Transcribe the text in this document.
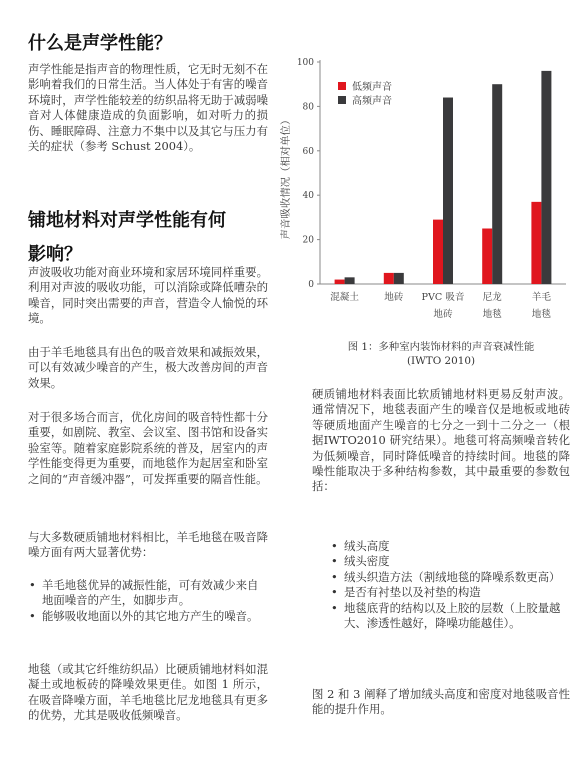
什么是声学性能？

声学性能是指声音的物理性质，它无时无刻不在影响着我们的日常生活。当人体处于有害的噪音环境时，声学性能较差的纺织品将无助于减弱噪音对人体健康造成的负面影响，如对听力的损伤、睡眠障碍、注意力不集中以及其它与压力有关的症状（参考 Schust 2004）。

铺地材料对声学性能有何
影响？

声波吸收功能对商业环境和家居环境同样重要。利用对声波的吸收功能，可以消除或降低嘈杂的噪音，同时突出需要的声音，营造令人愉悦的环境。

由于羊毛地毯具有出色的吸音效果和减振效果，可以有效减少噪音的产生，极大改善房间的声音效果。

对于很多场合而言，优化房间的吸音特性都十分重要，如剧院、教室、会议室、图书馆和设备实验室等。随着家庭影院系统的普及，居室内的声学性能变得更为重要，而地毯作为起居室和卧室之间的“声音缓冲器”，可发挥重要的隔音性能。

与大多数硬质铺地材料相比，羊毛地毯在吸音降噪方面有两大显著优势：

• 羊毛地毯优异的减振性能，可有效减少来自地面噪音的产生，如脚步声。
• 能够吸收地面以外的其它地方产生的噪音。

地毯（或其它纤维纺织品）比硬质铺地材料如混凝土或地板砖的降噪效果更佳。如图 1 所示，在吸音降噪方面，羊毛地毯比尼龙地毯具有更多的优势，尤其是吸收低频噪音。

声音吸收情况（相对单位）
0
20
40
60
80
100
混凝土	地砖 PVC 吸音
地砖
尼龙
地毯
羊毛
地毯
低频声音
高频声音
图 1：多种室内装饰材料的声音衰减性能
(IWTO 2010)

硬质铺地材料表面比软质铺地材料更易反射声波。通常情况下，地毯表面产生的噪音仅是地板或地砖等硬质地面产生噪音的七分之一到十二分之一（根据IWTO2010 研究结果）。地毯可将高频噪音转化为低频噪音，同时降低噪音的持续时间。地毯的降噪性能取决于多种结构参数，其中最重要的参数包括：

• 绒头高度
• 绒头密度
• 绒头织造方法（割绒地毯的降噪系数更高）
• 是否有衬垫以及衬垫的构造
• 地毯底背的结构以及上胶的层数（上胶量越大、渗透性越好，降噪功能越佳）。

图 2 和 3 阐释了增加绒头高度和密度对地毯吸音性能的提升作用。
